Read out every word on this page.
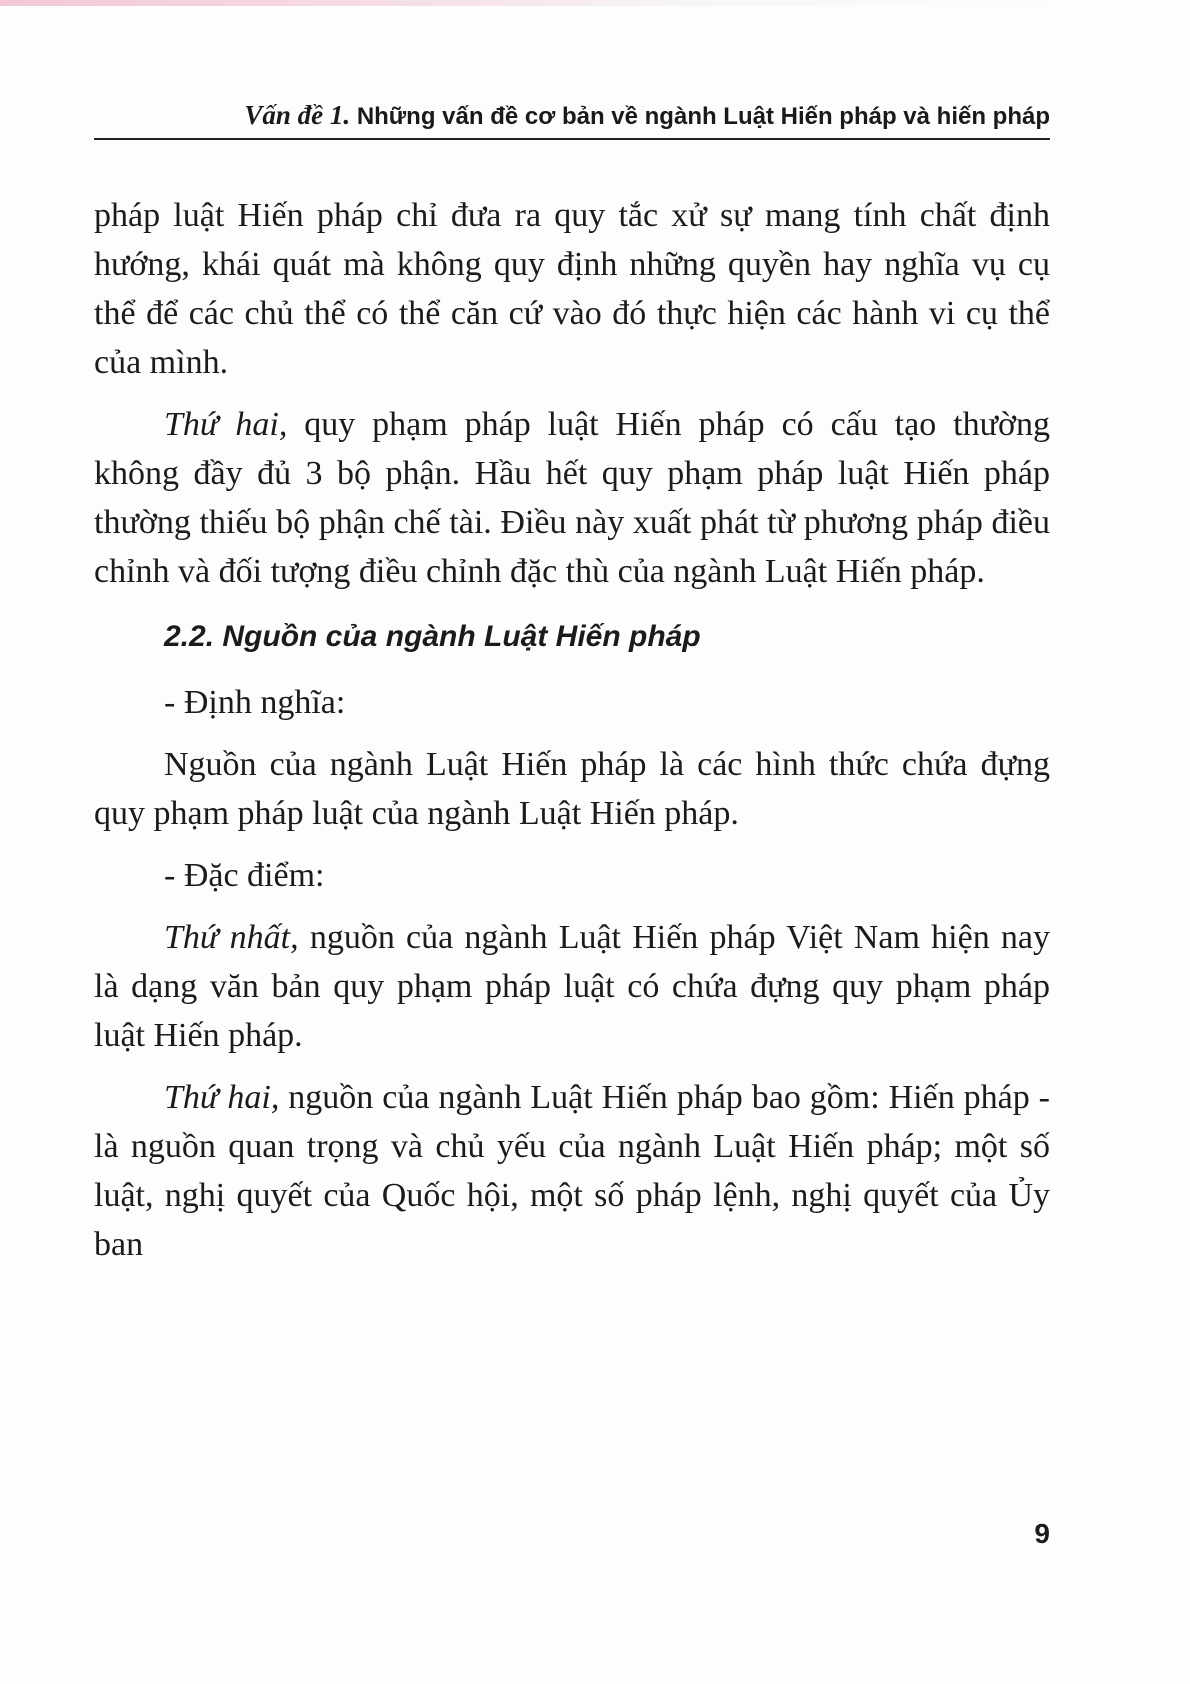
Vấn đề 1. Những vấn đề cơ bản về ngành Luật Hiến pháp và hiến pháp

pháp luật Hiến pháp chỉ đưa ra quy tắc xử sự mang tính chất định hướng, khái quát mà không quy định những quyền hay nghĩa vụ cụ thể để các chủ thể có thể căn cứ vào đó thực hiện các hành vi cụ thể của mình.

Thứ hai, quy phạm pháp luật Hiến pháp có cấu tạo thường không đầy đủ 3 bộ phận. Hầu hết quy phạm pháp luật Hiến pháp thường thiếu bộ phận chế tài. Điều này xuất phát từ phương pháp điều chỉnh và đối tượng điều chỉnh đặc thù của ngành Luật Hiến pháp.

2.2. Nguồn của ngành Luật Hiến pháp

- Định nghĩa:

Nguồn của ngành Luật Hiến pháp là các hình thức chứa đựng quy phạm pháp luật của ngành Luật Hiến pháp.

- Đặc điểm:

Thứ nhất, nguồn của ngành Luật Hiến pháp Việt Nam hiện nay là dạng văn bản quy phạm pháp luật có chứa đựng quy phạm pháp luật Hiến pháp.

Thứ hai, nguồn của ngành Luật Hiến pháp bao gồm: Hiến pháp - là nguồn quan trọng và chủ yếu của ngành Luật Hiến pháp; một số luật, nghị quyết của Quốc hội, một số pháp lệnh, nghị quyết của Ủy ban

9
